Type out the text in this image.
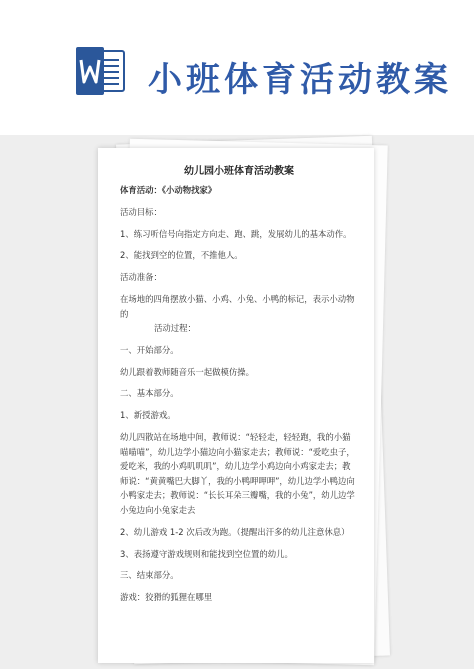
小班体育活动教案
幼儿园小班体育活动教案

体育活动：《小动物找家》

活动目标：

1、练习听信号向指定方向走、跑、跳，发展幼儿的基本动作。

2、能找到空的位置，不推他人。

活动准备：

在场地的四角摆放小猫、小鸡、小兔、小鸭的标记，表示小动物的

活动过程：

一、开始部分。

幼儿跟着教师随音乐一起做模仿操。

二、基本部分。

1、新授游戏。

幼儿四散站在场地中间，教师说：“轻轻走，轻轻跑，我的小猫喵喵喵”，幼儿边学小猫边向小猫家走去；教师说：“爱吃虫子，爱吃米，我的小鸡叽叽叽”，幼儿边学小鸡边向小鸡家走去；教师说：“黄黄嘴巴大脚丫，我的小鸭呷呷呷”，幼儿边学小鸭边向小鸭家走去；教师说：“长长耳朵三瓣嘴，我的小兔”，幼儿边学小兔边向小兔家走去

2、幼儿游戏 1-2 次后改为跑。（提醒出汗多的幼儿注意休息）

3、表扬遵守游戏规则和能找到空位置的幼儿。

三、结束部分。

游戏：狡猾的狐狸在哪里
